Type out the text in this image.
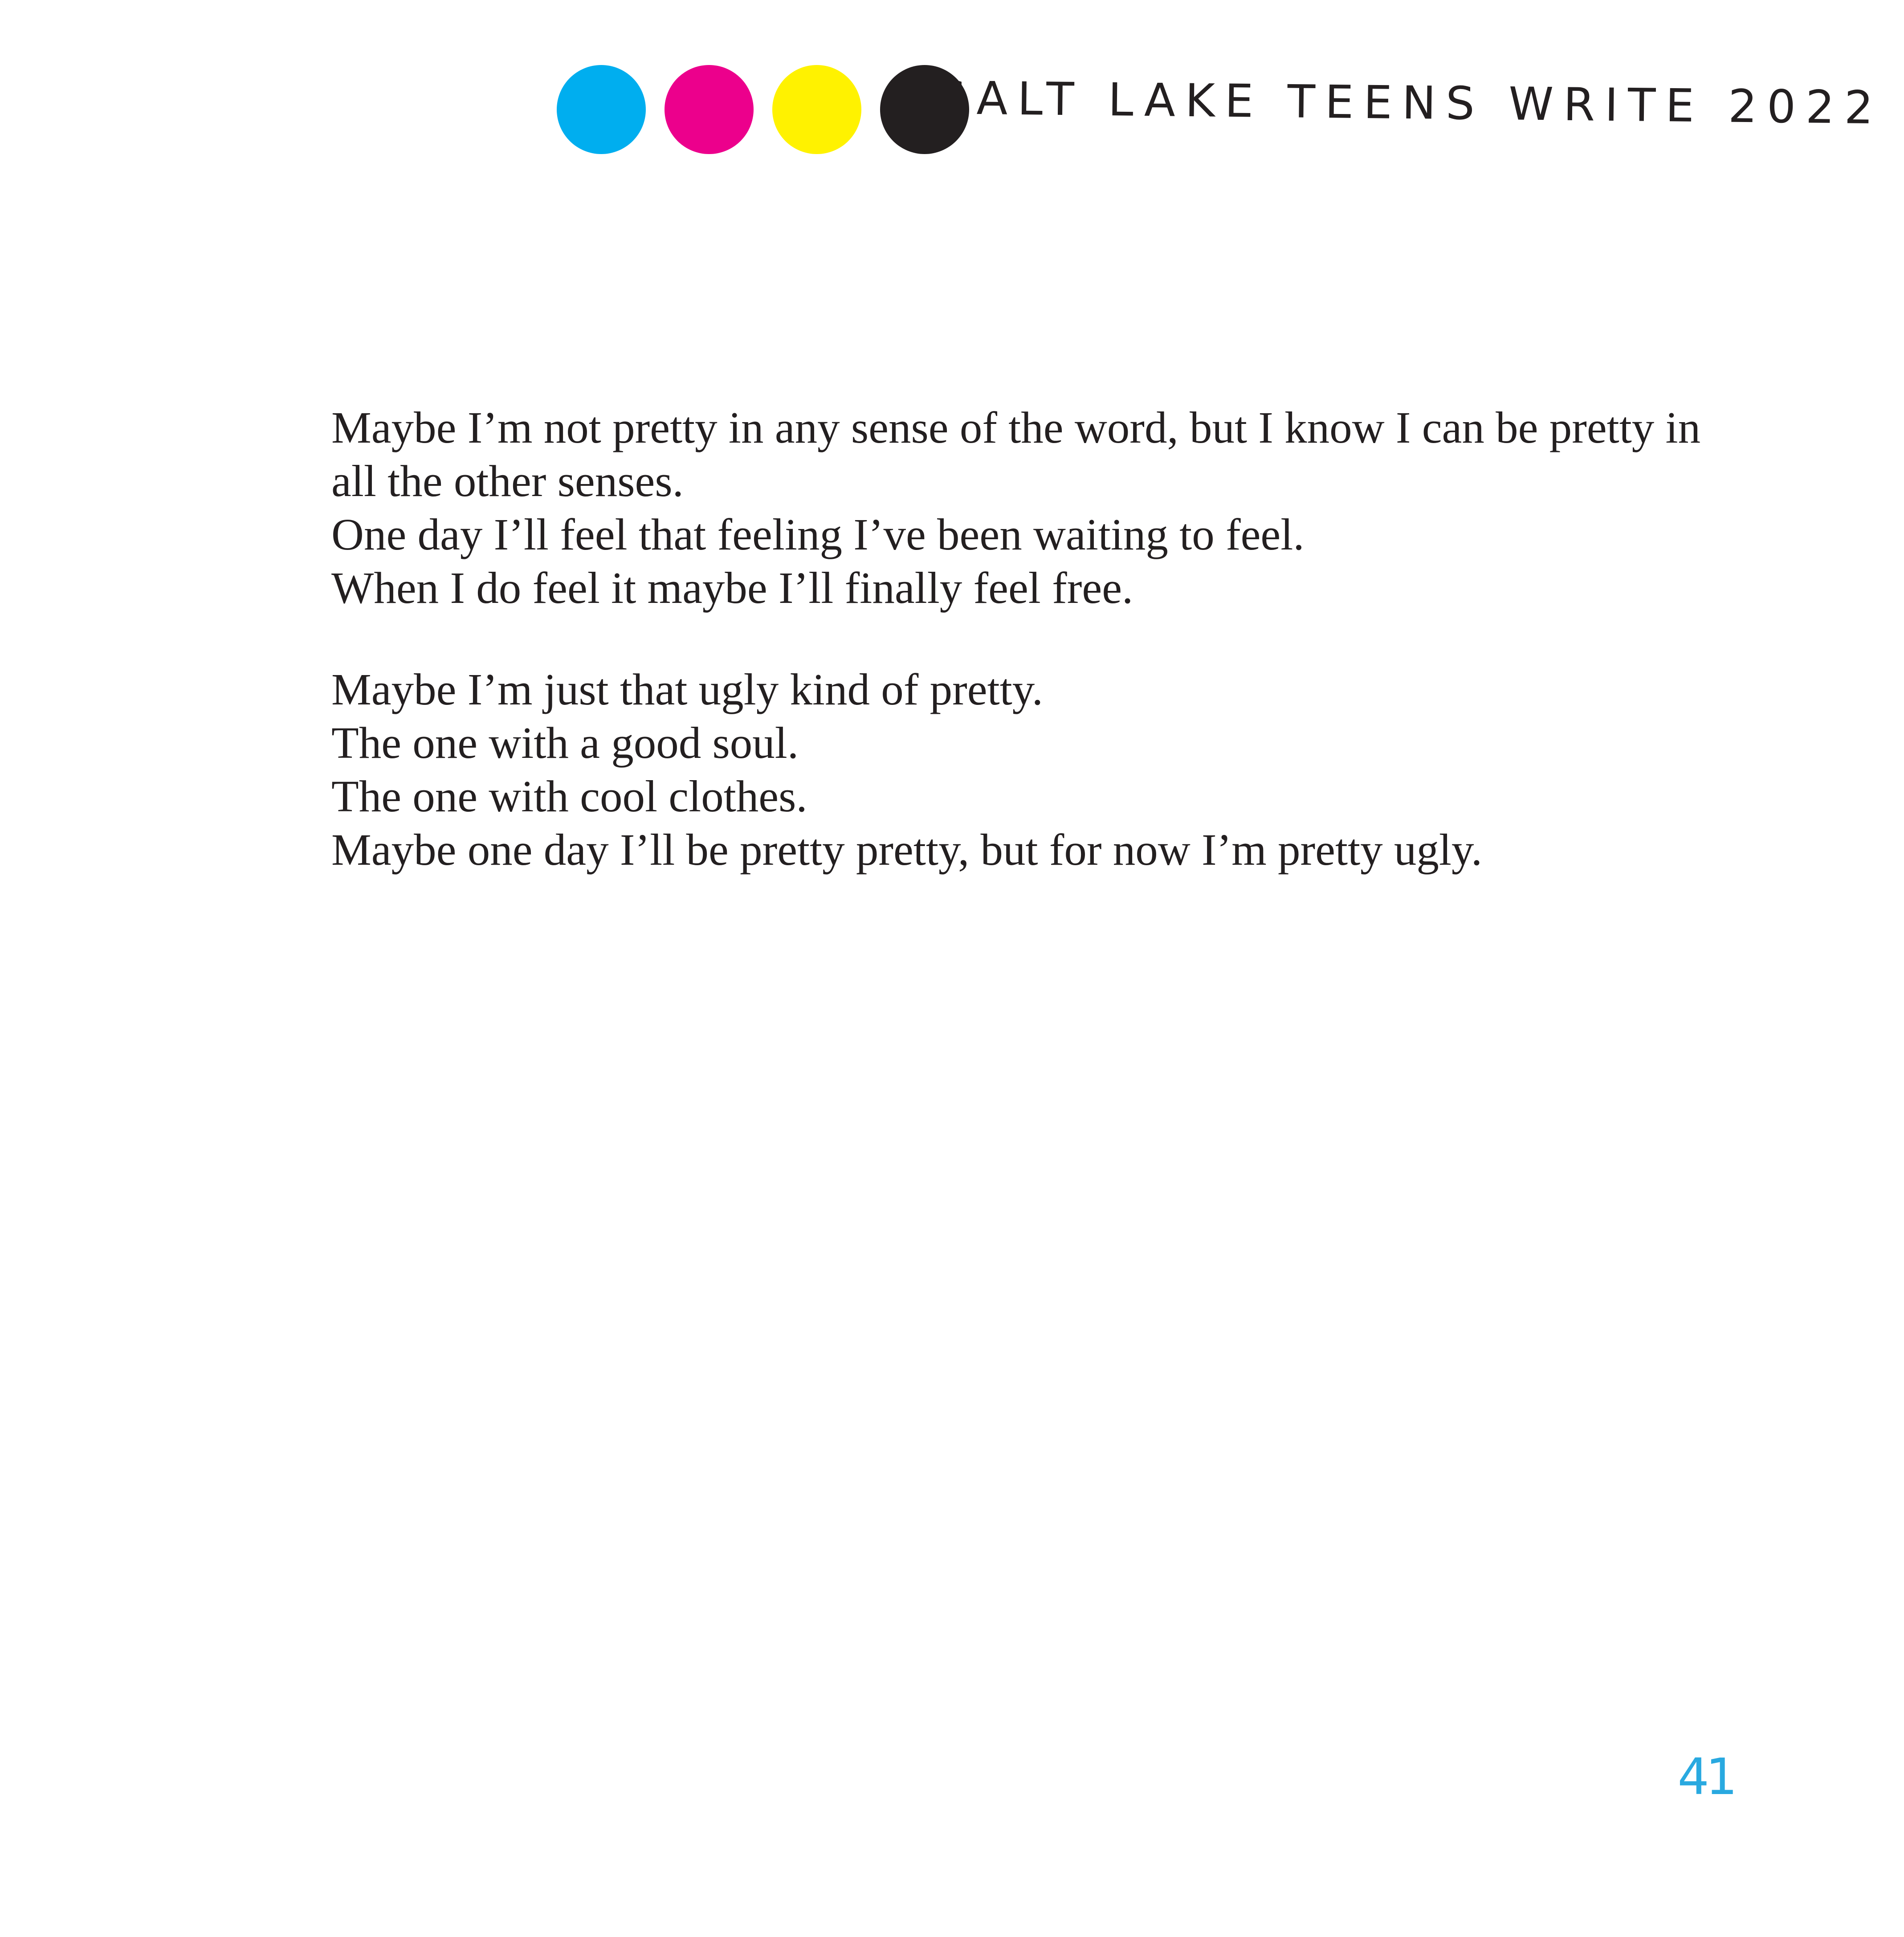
SALT LAKE TEENS WRITE 2022

Maybe I’m not pretty in any sense of the word, but I know I can be pretty in all the other senses.
One day I’ll feel that feeling I’ve been waiting to feel.
When I do feel it maybe I’ll finally feel free.

Maybe I’m just that ugly kind of pretty.
The one with a good soul.
The one with cool clothes.
Maybe one day I’ll be pretty pretty, but for now I’m pretty ugly.

41
